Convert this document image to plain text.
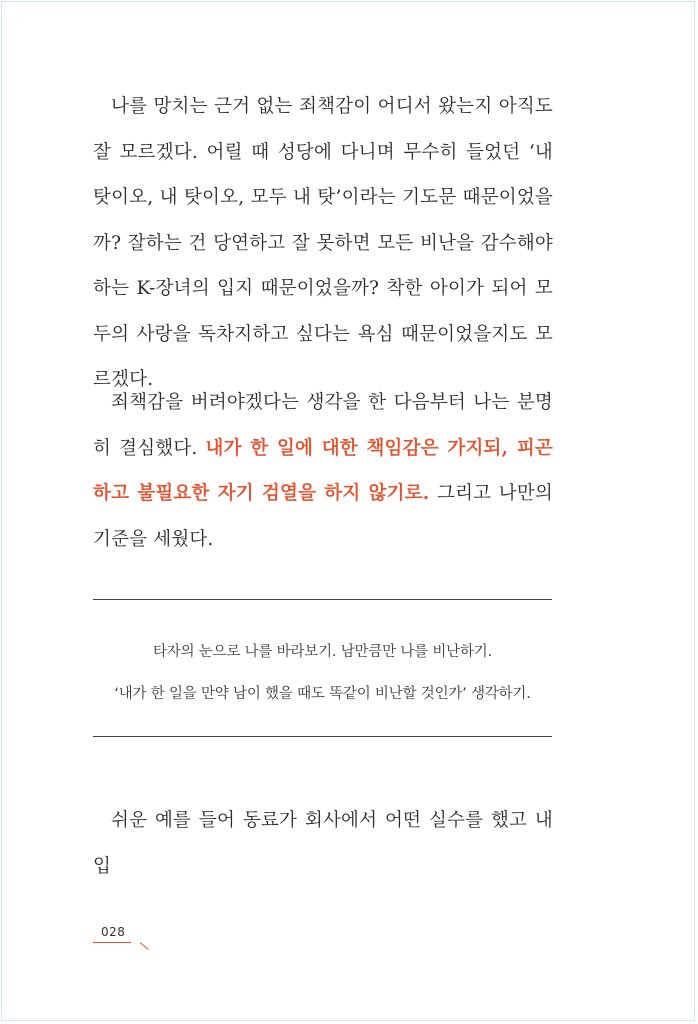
나를 망치는 근거 없는 죄책감이 어디서 왔는지 아직도 잘 모르겠다. 어릴 때 성당에 다니며 무수히 들었던 ‘내 탓이오, 내 탓이오, 모두 내 탓’이라는 기도문 때문이었을까? 잘하는 건 당연하고 잘 못하면 모든 비난을 감수해야 하는 K-장녀의 입지 때문이었을까? 착한 아이가 되어 모두의 사랑을 독차지하고 싶다는 욕심 때문이었을지도 모르겠다.

죄책감을 버려야겠다는 생각을 한 다음부터 나는 분명히 결심했다. 내가 한 일에 대한 책임감은 가지되, 피곤하고 불필요한 자기 검열을 하지 않기로. 그리고 나만의 기준을 세웠다.

타자의 눈으로 나를 바라보기. 남만큼만 나를 비난하기.

‘내가 한 일을 만약 남이 했을 때도 똑같이 비난할 것인가’ 생각하기.

쉬운 예를 들어 동료가 회사에서 어떤 실수를 했고 내 입

028
